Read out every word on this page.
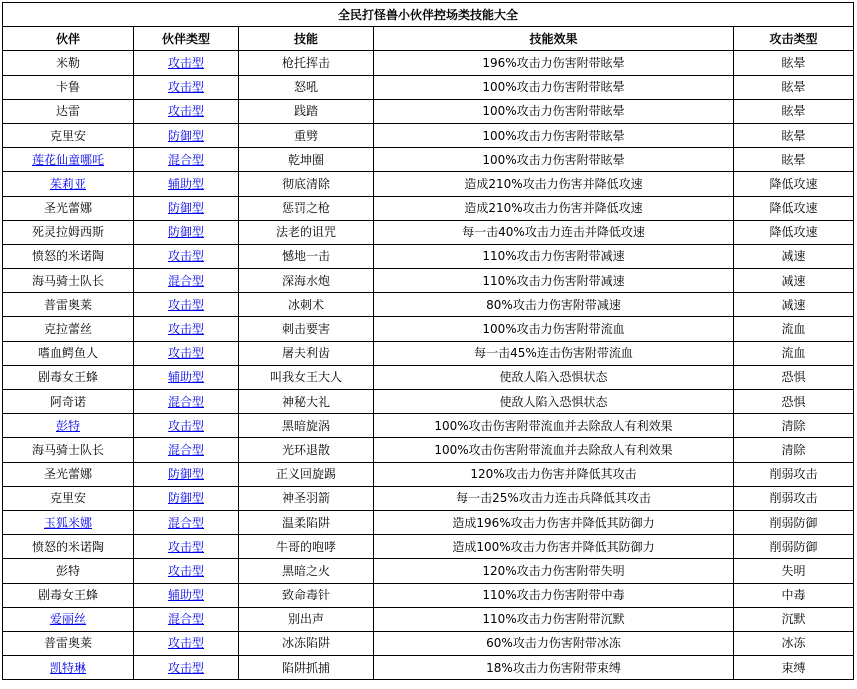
全民打怪兽小伙伴控场类技能大全				
伙伴	伙伴类型	技能	技能效果	攻击类型
米勒	攻击型	枪托挥击	196%攻击力伤害附带眩晕	眩晕
卡鲁	攻击型	怒吼	100%攻击力伤害附带眩晕	眩晕
达雷	攻击型	践踏	100%攻击力伤害附带眩晕	眩晕
克里安	防御型	重劈	100%攻击力伤害附带眩晕	眩晕
莲花仙童哪吒	混合型	乾坤圈	100%攻击力伤害附带眩晕	眩晕
茱莉亚	辅助型	彻底清除	造成210%攻击力伤害并降低攻速	降低攻速
圣光蕾娜	防御型	惩罚之枪	造成210%攻击力伤害并降低攻速	降低攻速
死灵拉姆西斯	防御型	法老的诅咒	每一击40%攻击力连击并降低攻速	降低攻速
愤怒的米诺陶	攻击型	憾地一击	110%攻击力伤害附带减速	减速
海马骑士队长	混合型	深海水炮	110%攻击力伤害附带减速	减速
普雷奥莱	攻击型	冰刺术	80%攻击力伤害附带减速	减速
克拉蕾丝	攻击型	刺击要害	100%攻击力伤害附带流血	流血
嗜血鳄鱼人	攻击型	屠夫利齿	每一击45%连击伤害附带流血	流血
剧毒女王蜂	辅助型	叫我女王大人	使敌人陷入恐惧状态	恐惧
阿奇诺	混合型	神秘大礼	使敌人陷入恐惧状态	恐惧
彭特	攻击型	黑暗旋涡	100%攻击伤害附带流血并去除敌人有利效果	清除
海马骑士队长	混合型	光环退散	100%攻击伤害附带流血并去除敌人有利效果	清除
圣光蕾娜	防御型	正义回旋踢	120%攻击力伤害并降低其攻击	削弱攻击
克里安	防御型	神圣羽箭	每一击25%攻击力连击兵降低其攻击	削弱攻击
玉狐米娜	混合型	温柔陷阱	造成196%攻击力伤害并降低其防御力	削弱防御
愤怒的米诺陶	攻击型	牛哥的咆哮	造成100%攻击力伤害并降低其防御力	削弱防御
彭特	攻击型	黑暗之火	120%攻击力伤害附带失明	失明
剧毒女王蜂	辅助型	致命毒针	110%攻击力伤害附带中毒	中毒
爱丽丝	混合型	别出声	110%攻击力伤害附带沉默	沉默
普雷奥莱	攻击型	冰冻陷阱	60%攻击力伤害附带冰冻	冰冻
凯特琳	攻击型	陷阱抓捕	18%攻击力伤害附带束缚	束缚
